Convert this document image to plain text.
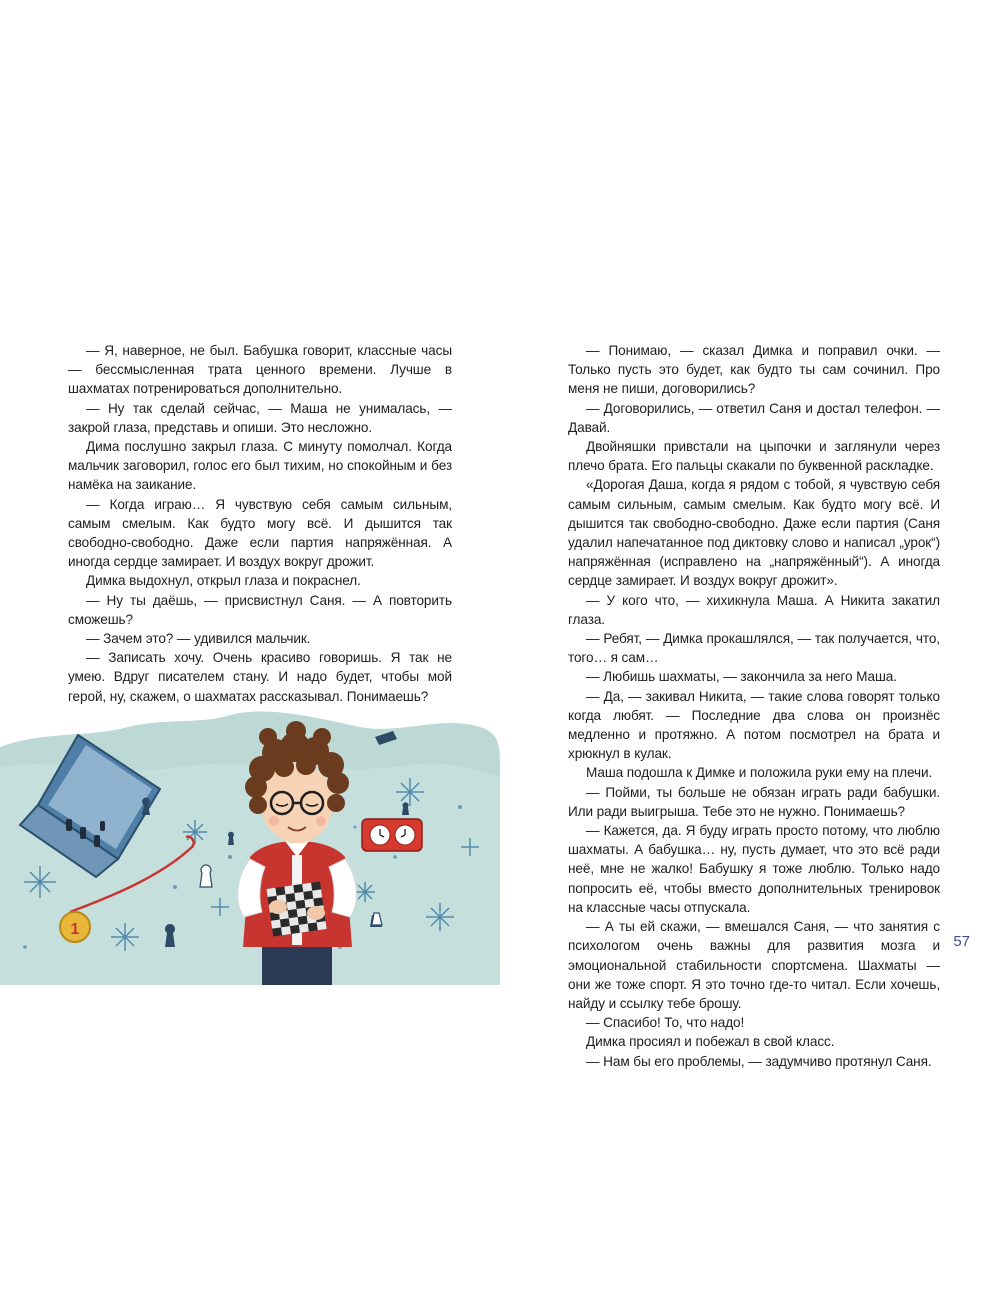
— Я, наверное, не был. Бабушка говорит, классные часы — бессмысленная трата ценного времени. Лучше в шахматах потренироваться дополнительно.

— Ну так сделай сейчас, — Маша не унималась, — закрой глаза, представь и опиши. Это несложно.

Дима послушно закрыл глаза. С минуту помолчал. Когда мальчик заговорил, голос его был тихим, но спокойным и без намёка на заикание.

— Когда играю… Я чувствую себя самым сильным, самым смелым. Как будто могу всё. И дышится так свободно-свободно. Даже если партия напряжённая. А иногда сердце замирает. И воздух вокруг дрожит.

Димка выдохнул, открыл глаза и покраснел.

— Ну ты даёшь, — присвистнул Саня. — А повторить сможешь?

— Зачем это? — удивился мальчик.

— Записать хочу. Очень красиво говоришь. Я так не умею. Вдруг писателем стану. И надо будет, чтобы мой герой, ну, скажем, о шахматах рассказывал. Понимаешь?

1

— Понимаю, — сказал Димка и поправил очки. — Только пусть это будет, как будто ты сам сочинил. Про меня не пиши, договорились?

— Договорились, — ответил Саня и достал телефон. — Давай.

Двойняшки привстали на цыпочки и заглянули через плечо брата. Его пальцы скакали по буквенной раскладке.

«Дорогая Даша, когда я рядом с тобой, я чувствую себя самым сильным, самым смелым. Как будто могу всё. И дышится так свободно-свободно. Даже если партия (Саня удалил напечатанное под диктовку слово и написал „урок“) напряжённая (исправлено на „напряжённый“). А иногда сердце замирает. И воздух вокруг дрожит».

— У кого что, — хихикнула Маша. А Никита закатил глаза.

— Ребят, — Димка прокашлялся, — так получается, что, того… я сам…

— Любишь шахматы, — закончила за него Маша.

— Да, — закивал Никита, — такие слова говорят только когда любят. — Последние два слова он произнёс медленно и протяжно. А потом посмотрел на брата и хрюкнул в кулак.

Маша подошла к Димке и положила руки ему на плечи.

— Пойми, ты больше не обязан играть ради бабушки. Или ради выигрыша. Тебе это не нужно. Понимаешь?

— Кажется, да. Я буду играть просто потому, что люблю шахматы. А бабушка… ну, пусть думает, что это всё ради неё, мне не жалко! Бабушку я тоже люблю. Только надо попросить её, чтобы вместо дополнительных тренировок на классные часы отпускала.

— А ты ей скажи, — вмешался Саня, — что занятия с психологом очень важны для развития мозга и эмоциональной стабильности спортсмена. Шахматы — они же тоже спорт. Я это точно где-то читал. Если хочешь, найду и ссылку тебе брошу.

— Спасибо! То, что надо!

Димка просиял и побежал в свой класс.

— Нам бы его проблемы, — задумчиво протянул Саня.

57
